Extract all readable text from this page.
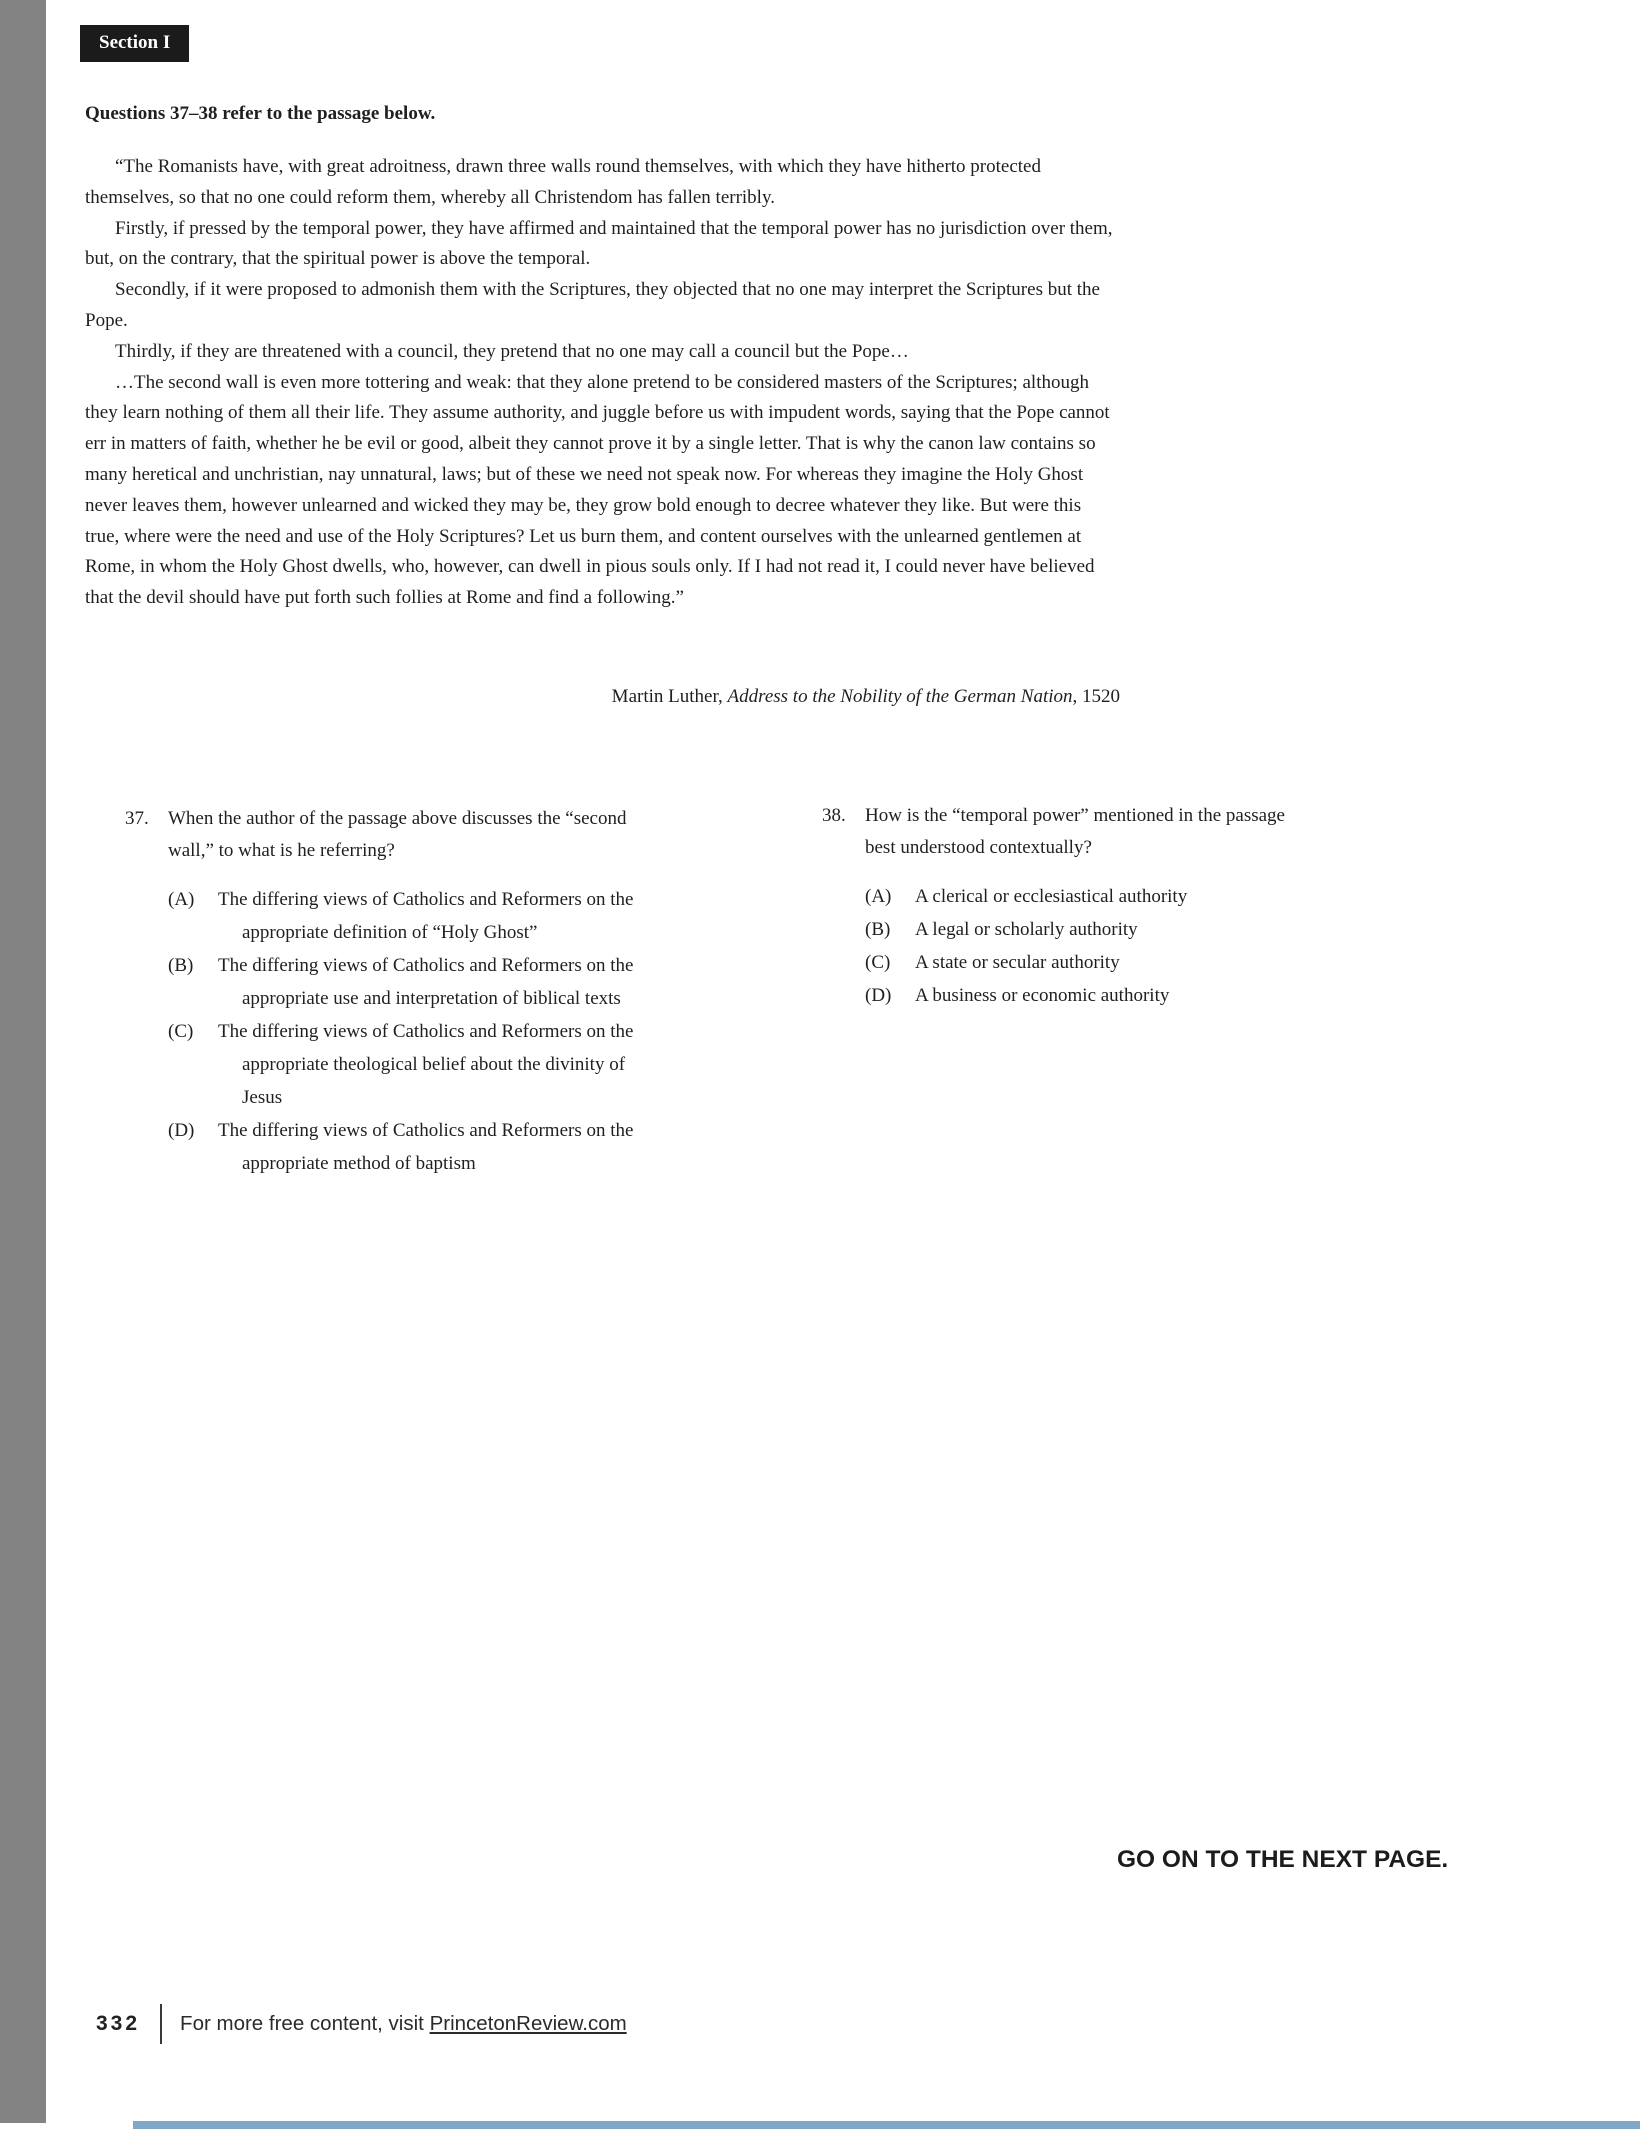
Section I
Questions 37–38 refer to the passage below.

“The Romanists have, with great adroitness, drawn three walls round themselves, with which they have hitherto protected themselves, so that no one could reform them, whereby all Christendom has fallen terribly.

Firstly, if pressed by the temporal power, they have affirmed and maintained that the temporal power has no jurisdiction over them, but, on the contrary, that the spiritual power is above the temporal.

Secondly, if it were proposed to admonish them with the Scriptures, they objected that no one may interpret the Scriptures but the Pope.

Thirdly, if they are threatened with a council, they pretend that no one may call a council but the Pope…

…The second wall is even more tottering and weak: that they alone pretend to be considered masters of the Scriptures; although they learn nothing of them all their life. They assume authority, and juggle before us with impudent words, saying that the Pope cannot err in matters of faith, whether he be evil or good, albeit they cannot prove it by a single letter. That is why the canon law contains so many heretical and unchristian, nay unnatural, laws; but of these we need not speak now. For whereas they imagine the Holy Ghost never leaves them, however unlearned and wicked they may be, they grow bold enough to decree whatever they like. But were this true, where were the need and use of the Holy Scriptures? Let us burn them, and content ourselves with the unlearned gentlemen at Rome, in whom the Holy Ghost dwells, who, however, can dwell in pious souls only. If I had not read it, I could never have believed that the devil should have put forth such follies at Rome and find a following.”

Martin Luther, Address to the Nobility of the German Nation, 1520
37.	When the author of the passage above discusses the “second wall,” to what is he referring?
(A)	The differing views of Catholics and Reformers on the appropriate definition of “Holy Ghost”
(B)	The differing views of Catholics and Reformers on the appropriate use and interpretation of biblical texts
(C)	The differing views of Catholics and Reformers on the appropriate theological belief about the divinity of Jesus
(D)	The differing views of Catholics and Reformers on the appropriate method of baptism
38.	How is the “temporal power” mentioned in the passage best understood contextually?
(A)	A clerical or ecclesiastical authority
(B)	A legal or scholarly authority
(C)	A state or secular authority
(D)	A business or economic authority
GO ON TO THE NEXT PAGE.
332 For more free content, visit PrincetonReview.com
